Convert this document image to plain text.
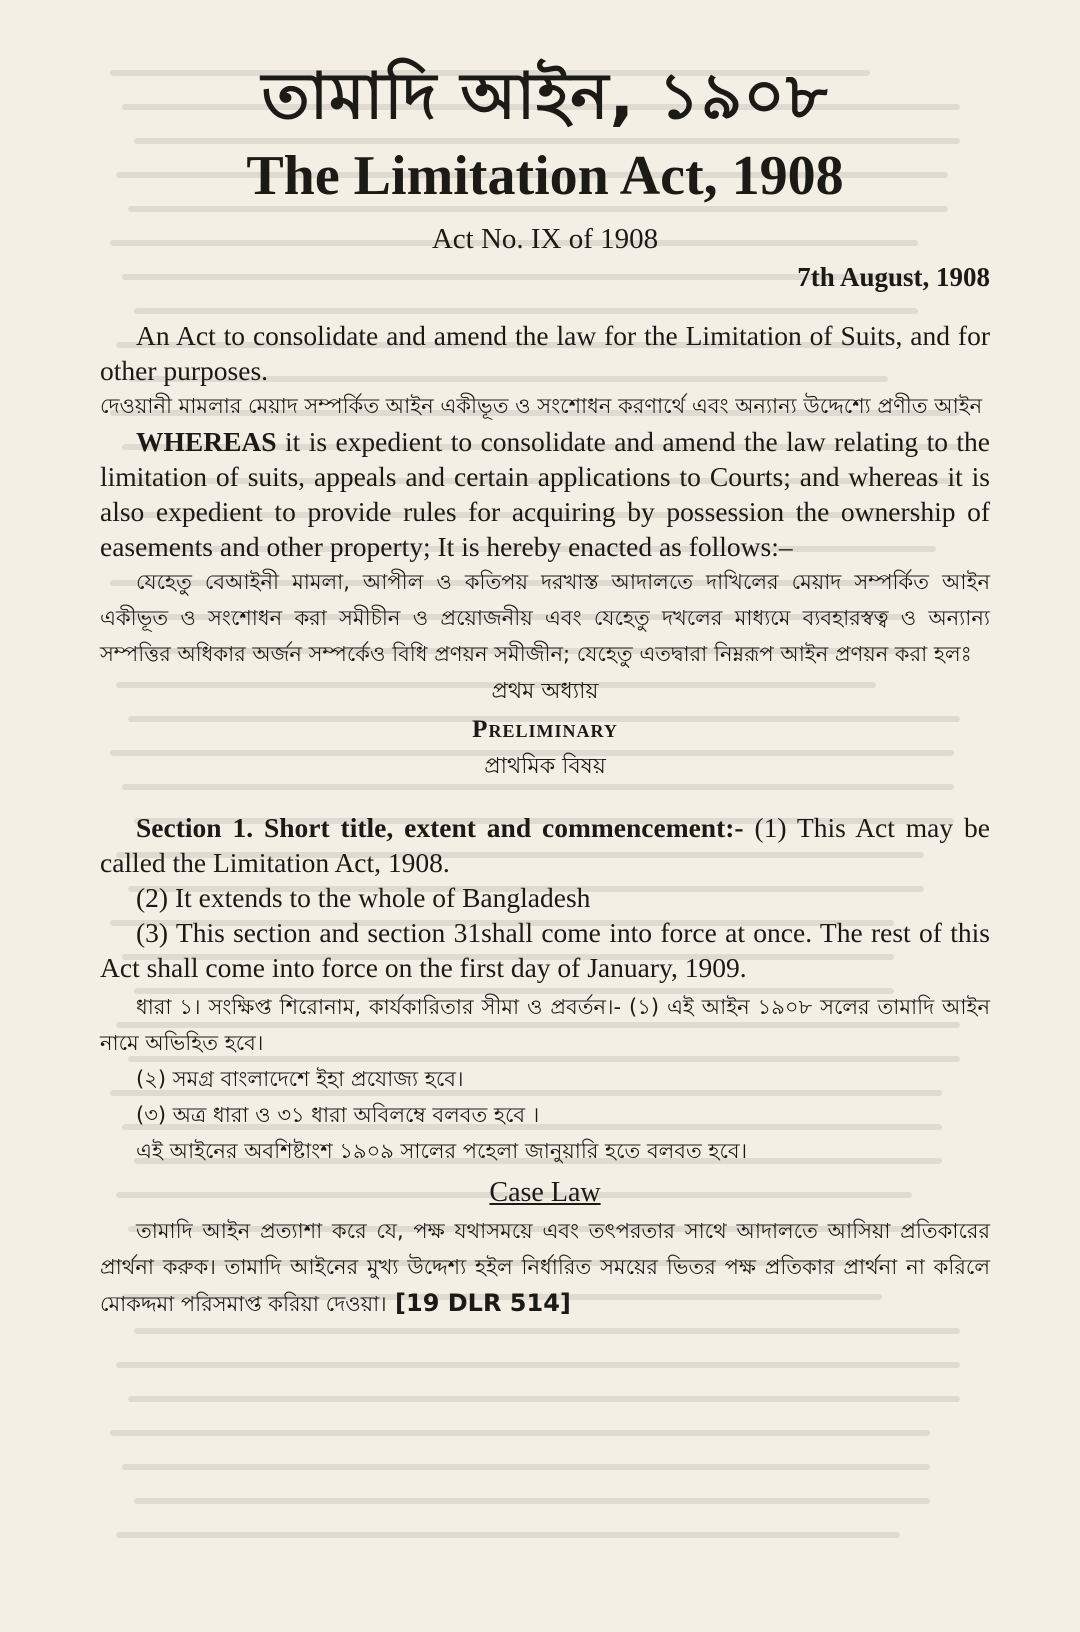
তামাদি আইন, ১৯০৮
The Limitation Act, 1908
Act No. IX of 1908
7th August, 1908

An Act to consolidate and amend the law for the Limitation of Suits, and for other purposes.

দেওয়ানী মামলার মেয়াদ সম্পর্কিত আইন একীভূত ও সংশোধন করণার্থে এবং অন্যান্য উদ্দেশ্যে প্রণীত আইন

WHEREAS it is expedient to consolidate and amend the law relating to the limitation of suits, appeals and certain applications to Courts; and whereas it is also expedient to provide rules for acquiring by possession the ownership of easements and other property; It is hereby enacted as follows:–

যেহেতু বেআইনী মামলা, আপীল ও কতিপয় দরখাস্ত আদালতে দাখিলের মেয়াদ সম্পর্কিত আইন একীভূত ও সংশোধন করা সমীচীন ও প্রয়োজনীয় এবং যেহেতু দখলের মাধ্যমে ব্যবহারস্বত্ব ও অন্যান্য সম্পত্তির অধিকার অর্জন সম্পর্কেও বিধি প্রণয়ন সমীজীন; যেহেতু এতদ্বারা নিম্নরূপ আইন প্রণয়ন করা হলঃ

প্রথম অধ্যায়
Preliminary
প্রাথমিক বিষয়

Section 1. Short title, extent and commencement:- (1) This Act may be called the Limitation Act, 1908.

(2) It extends to the whole of Bangladesh

(3) This section and section 31shall come into force at once. The rest of this Act shall come into force on the first day of January, 1909.

ধারা ১। সংক্ষিপ্ত শিরোনাম, কার্যকারিতার সীমা ও প্রবর্তন।- (১) এই আইন ১৯০৮ সলের তামাদি আইন নামে অভিহিত হবে।

(২) সমগ্র বাংলাদেশে ইহা প্রযোজ্য হবে।

(৩) অত্র ধারা ও ৩১ ধারা অবিলম্বে বলবত হবে ।

এই আইনের অবশিষ্টাংশ ১৯০৯ সালের পহেলা জানুয়ারি হতে বলবত হবে।

Case Law

তামাদি আইন প্রত্যাশা করে যে, পক্ষ যথাসময়ে এবং তৎপরতার সাথে আদালতে আসিয়া প্রতিকারের প্রার্থনা করুক। তামাদি আইনের মুখ্য উদ্দেশ্য হইল নির্ধারিত সময়ের ভিতর পক্ষ প্রতিকার প্রার্থনা না করিলে মোকদ্দমা পরিসমাপ্ত করিয়া দেওয়া। [19 DLR 514]
